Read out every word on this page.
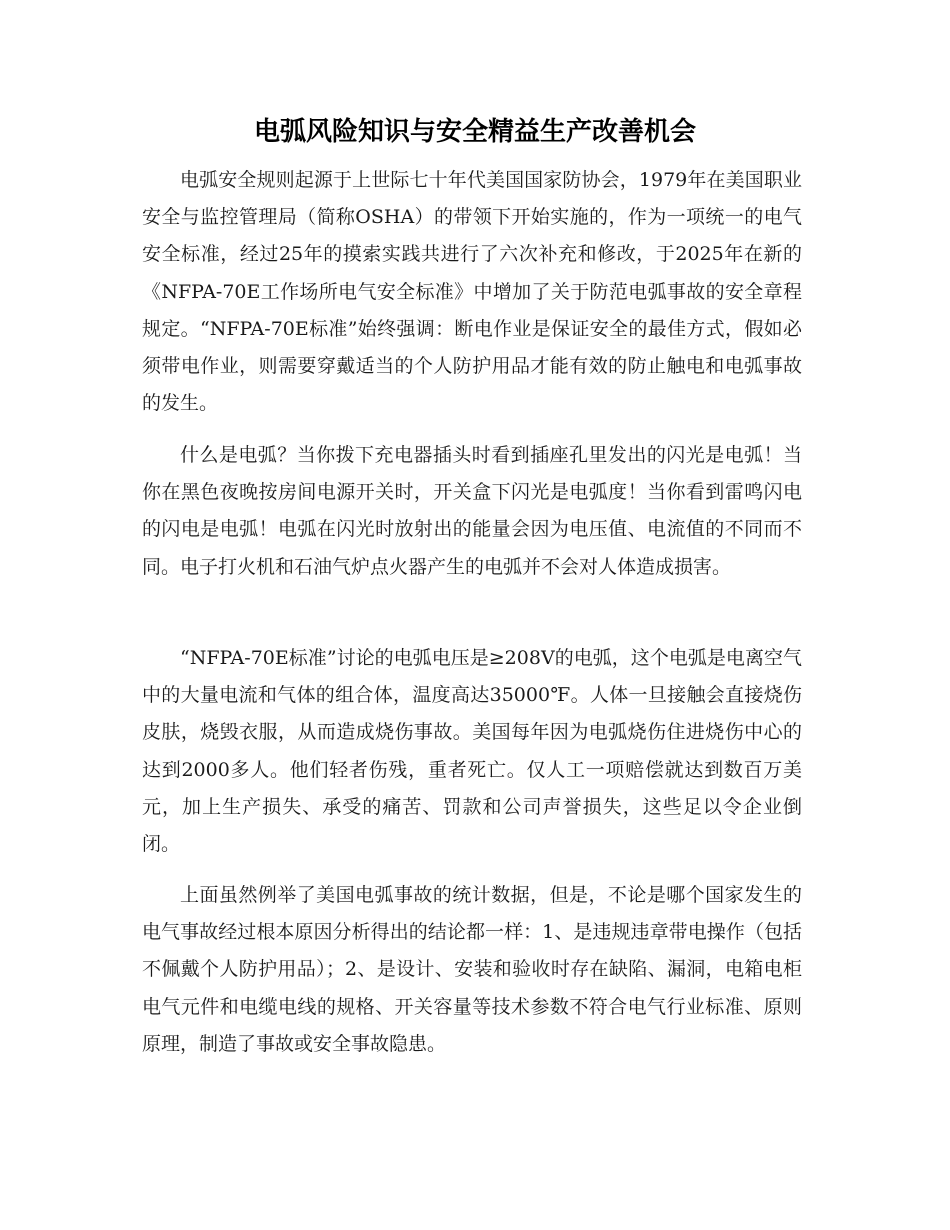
电弧风险知识与安全精益生产改善机会

电弧安全规则起源于上世际七十年代美国国家防协会，1979年在美国职业安全与监控管理局（简称OSHA）的带领下开始实施的，作为一项统一的电气安全标准，经过25年的摸索实践共进行了六次补充和修改，于2025年在新的《NFPA-70E工作场所电气安全标准》中增加了关于防范电弧事故的安全章程规定。“NFPA-70E标准”始终强调：断电作业是保证安全的最佳方式，假如必须带电作业，则需要穿戴适当的个人防护用品才能有效的防止触电和电弧事故的发生。

什么是电弧？当你拨下充电器插头时看到插座孔里发出的闪光是电弧！当你在黑色夜晚按房间电源开关时，开关盒下闪光是电弧度！当你看到雷鸣闪电的闪电是电弧！电弧在闪光时放射出的能量会因为电压值、电流值的不同而不同。电子打火机和石油气炉点火器产生的电弧并不会对人体造成损害。

“NFPA-70E标准”讨论的电弧电压是≥208V的电弧，这个电弧是电离空气中的大量电流和气体的组合体，温度高达35000℉。人体一旦接触会直接烧伤皮肤，烧毁衣服，从而造成烧伤事故。美国每年因为电弧烧伤住进烧伤中心的达到2000多人。他们轻者伤残，重者死亡。仅人工一项赔偿就达到数百万美元，加上生产损失、承受的痛苦、罚款和公司声誉损失，这些足以令企业倒闭。

上面虽然例举了美国电弧事故的统计数据，但是，不论是哪个国家发生的电气事故经过根本原因分析得出的结论都一样：1、是违规违章带电操作（包括不佩戴个人防护用品）；2、是设计、安装和验收时存在缺陷、漏洞，电箱电柜电气元件和电缆电线的规格、开关容量等技术参数不符合电气行业标准、原则原理，制造了事故或安全事故隐患。
